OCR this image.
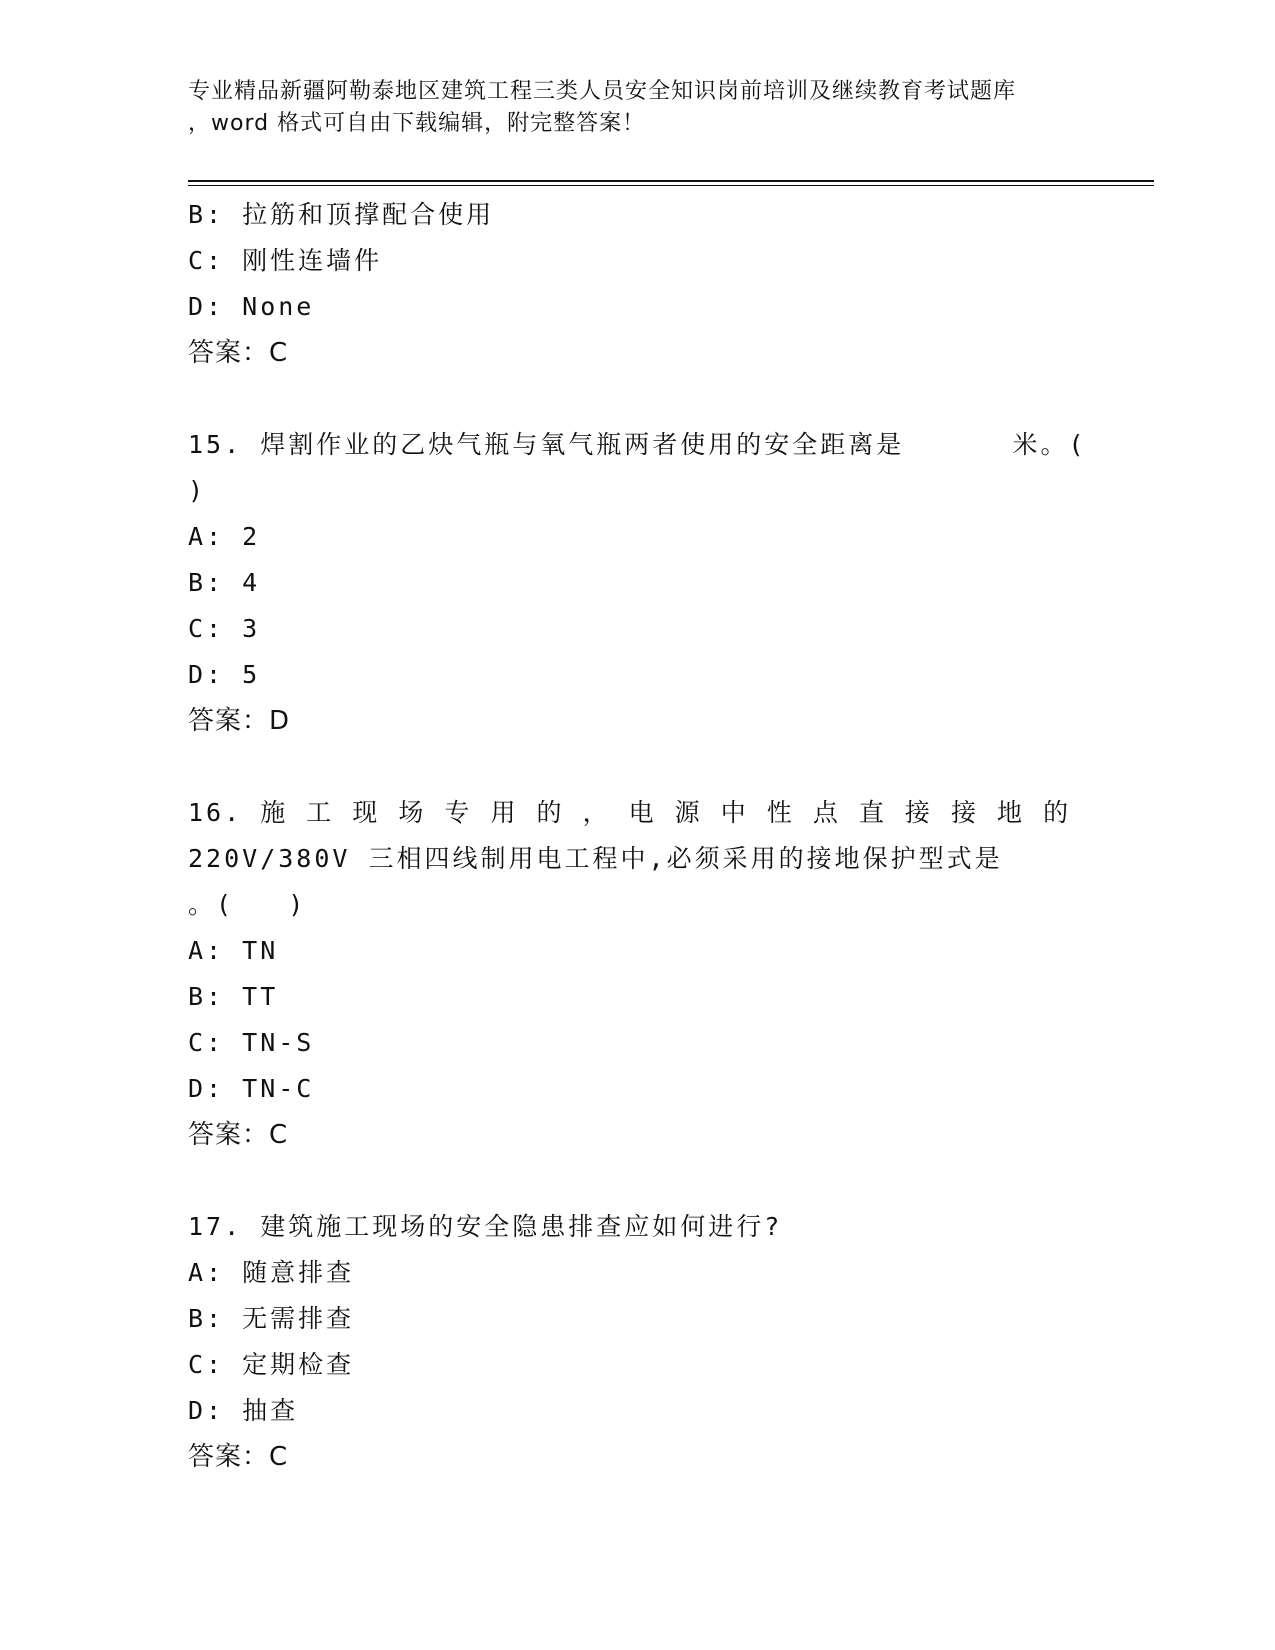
专业精品新疆阿勒泰地区建筑工程三类人员安全知识岗前培训及继续教育考试题库
，word 格式可自由下载编辑，附完整答案！
B: 拉筋和顶撑配合使用
C: 刚性连墙件
D: None
答案：C
15. 焊割作业的乙炔气瓶与氧气瓶两者使用的安全距离是      米。(
)
A: 2
B: 4
C: 3
D: 5
答案：D
16. 施 工 现 场 专 用 的 ， 电 源 中 性 点 直 接 接 地 的
220V/380V 三相四线制用电工程中,必须采用的接地保护型式是
。(   )
A: TN
B: TT
C: TN-S
D: TN-C
答案：C
17. 建筑施工现场的安全隐患排查应如何进行?
A: 随意排查
B: 无需排查
C: 定期检查
D: 抽查
答案：C
